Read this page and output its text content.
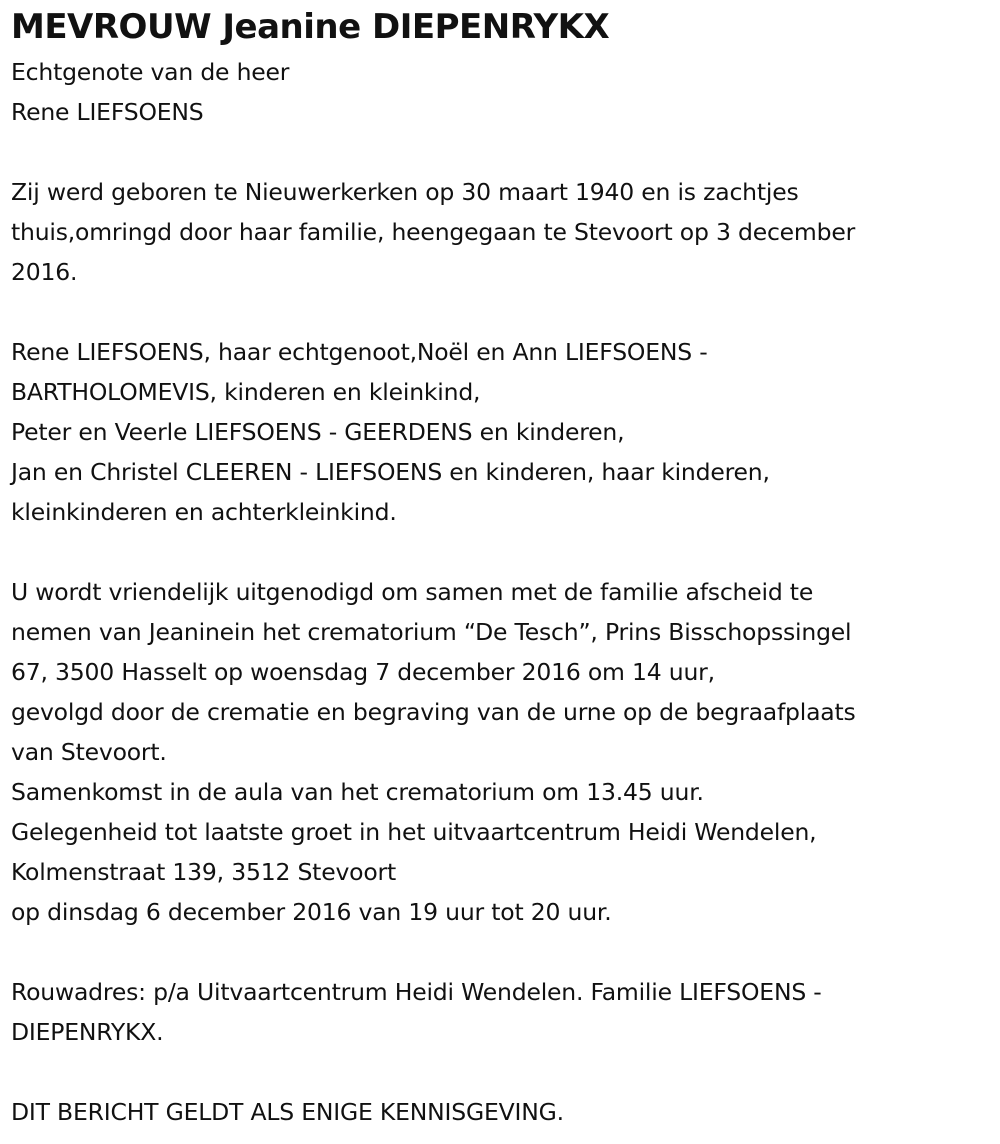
MEVROUW Jeanine DIEPENRYKX
Echtgenote van de heer
Rene LIEFSOENS
Zij werd geboren te Nieuwerkerken op 30 maart 1940 en is zachtjes
thuis,omringd door haar familie, heengegaan te Stevoort op 3 december
2016.
Rene LIEFSOENS, haar echtgenoot,Noël en Ann LIEFSOENS -
BARTHOLOMEVIS, kinderen en kleinkind,
Peter en Veerle LIEFSOENS - GEERDENS en kinderen,
Jan en Christel CLEEREN - LIEFSOENS en kinderen, haar kinderen,
kleinkinderen en achterkleinkind.
U wordt vriendelijk uitgenodigd om samen met de familie afscheid te
nemen van Jeaninein het crematorium “De Tesch”, Prins Bisschopssingel
67, 3500 Hasselt op woensdag 7 december 2016 om 14 uur,
gevolgd door de crematie en begraving van de urne op de begraafplaats
van Stevoort.
Samenkomst in de aula van het crematorium om 13.45 uur.
Gelegenheid tot laatste groet in het uitvaartcentrum Heidi Wendelen,
Kolmenstraat 139, 3512 Stevoort
op dinsdag 6 december 2016 van 19 uur tot 20 uur.
Rouwadres: p/a Uitvaartcentrum Heidi Wendelen. Familie LIEFSOENS -
DIEPENRYKX.
DIT BERICHT GELDT ALS ENIGE KENNISGEVING.
